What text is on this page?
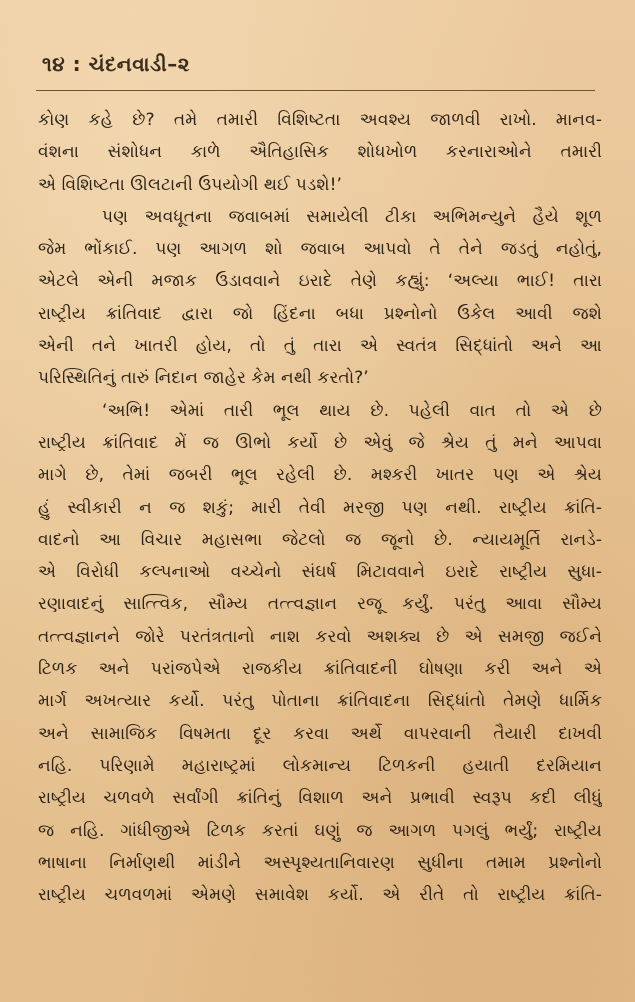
૧૪ : ચંદનવાડી–૨
કોણ કહે છે? તમે તમારી વિશિષ્ટતા અવશ્ય જાળવી રાખો. માનવ-
વંશના સંશોધન કાળે ઐતિહાસિક શોધખોળ કરનારાઓને તમારી
એ વિશિષ્ટતા ઊલટાની ઉપયોગી થઈ પડશે!’
પણ અવધૂતના જવાબમાં સમાયેલી ટીકા અભિમન્યુને હૈયે શૂળ
જેમ ભોંકાઈ. પણ આગળ શો જવાબ આપવો તે તેને જડતું નહોતું,
એટલે એની મજાક ઉડાવવાને ઇરાદે તેણે કહ્યું: ‘અલ્યા ભાઈ! તારા
રાષ્ટ્રીય ક્રાંતિવાદ દ્વારા જો હિંદના બધા પ્રશ્નોનો ઉકેલ આવી જશે
એની તને ખાતરી હોય, તો તું તારા એ સ્વતંત્ર સિદ્ધાંતો અને આ
પરિસ્થિતિનું તારું નિદાન જાહેર કેમ નથી કરતો?’
‘અભિ! એમાં તારી ભૂલ થાય છે. પહેલી વાત તો એ છે
રાષ્ટ્રીય ક્રાંતિવાદ મેં જ ઊભો કર્યો છે એવું જે શ્રેય તું મને આપવા
માગે છે, તેમાં જબરી ભૂલ રહેલી છે. મશ્કરી ખાતર પણ એ શ્રેય
હું સ્વીકારી ન જ શકું; મારી તેવી મરજી પણ નથી. રાષ્ટ્રીય ક્રાંતિ-
વાદનો આ વિચાર મહાસભા જેટલો જ જૂનો છે. ન્યાયમૂર્તિ રાનડે-
એ વિરોધી કલ્પનાઓ વચ્ચેનો સંઘર્ષ મિટાવવાને ઇરાદે રાષ્ટ્રીય સુધા-
રણાવાદનું સાત્ત્વિક, સૌમ્ય તત્ત્વજ્ઞાન રજૂ કર્યું. પરંતુ આવા સૌમ્ય
તત્ત્વજ્ઞાનને જોરે પરતંત્રતાનો નાશ કરવો અશક્ય છે એ સમજી જઈને
ટિળક અને પરાંજપેએ રાજકીય ક્રાંતિવાદની ઘોષણા કરી અને એ
માર્ગ અખત્યાર કર્યો. પરંતુ પોતાના ક્રાંતિવાદના સિદ્ધાંતો તેમણે ધાર્મિક
અને સામાજિક વિષમતા દૂર કરવા અર્થે વાપરવાની તૈયારી દાખવી
નહિ. પરિણામે મહારાષ્ટ્રમાં લોકમાન્ય ટિળકની હયાતી દરમિયાન
રાષ્ટ્રીય ચળવળે સર્વાંગી ક્રાંતિનું વિશાળ અને પ્રભાવી સ્વરૂપ કદી લીધું
જ નહિ. ગાંધીજીએ ટિળક કરતાં ઘણું જ આગળ પગલું ભર્યું; રાષ્ટ્રીય
ભાષાના નિર્માણથી માંડીને અસ્પૃશ્યતાનિવારણ સુધીના તમામ પ્રશ્નોનો
રાષ્ટ્રીય ચળવળમાં એમણે સમાવેશ કર્યો. એ રીતે તો રાષ્ટ્રીય ક્રાંતિ-
